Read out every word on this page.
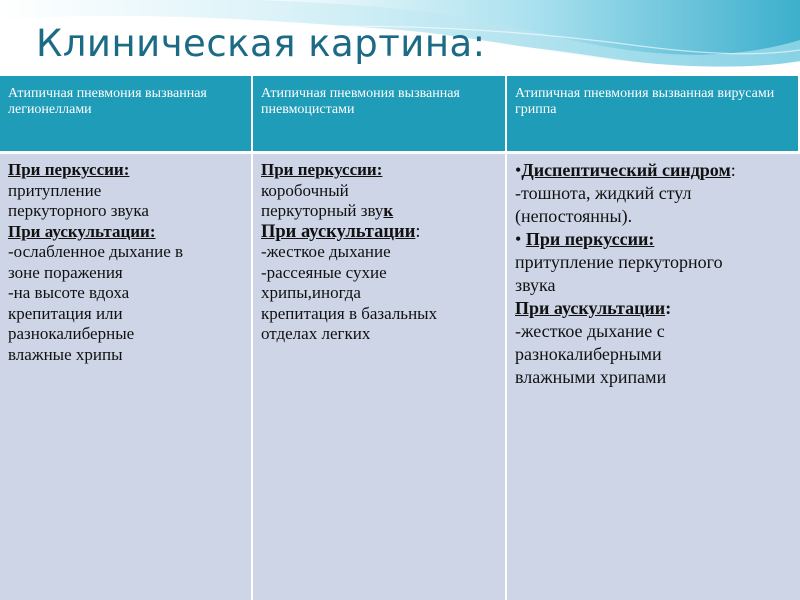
Клиническая картина:
Атипичная пневмония вызванная легионеллами
Атипичная пневмония вызванная пневмоцистами
Атипичная пневмония вызванная вирусами гриппа
При перкуссии:
притупление
перкуторного звука
При аускультации:
-ослабленное дыхание в
зоне поражения
-на высоте вдоха
крепитация или
разнокалиберные
влажные хрипы
При перкуссии:
коробочный
перкуторный звук
При аускультации:
-жесткое дыхание
-рассеяные сухие
хрипы,иногда
крепитация в базальных
отделах легких
•Диспептический синдром:
-тошнота, жидкий стул
(непостоянны).
• При перкуссии:
притупление перкуторного
звука
При аускультации:
-жесткое дыхание с
разнокалиберными
влажными хрипами
